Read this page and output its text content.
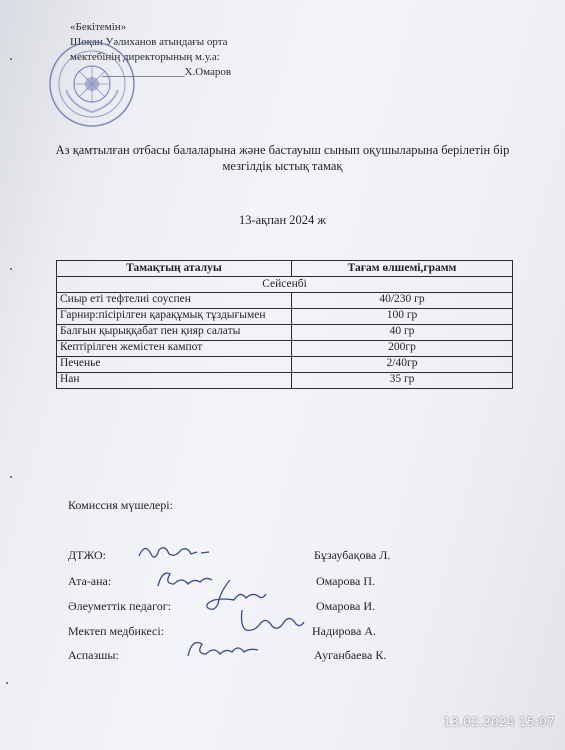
«Бекітемін»
Шоқан Уәлиханов атындағы орта
мектебінің директорының м.у.а:
_______________Х.Омаров
Аз қамтылған отбасы балаларына және бастауыш сынып оқушыларына берілетін бір мезгілдік ыстық тамақ
13-ақпан 2024 ж
Тамақтың аталуы	Тағам өлшемі,грамм
Сейсенбі	
Сиыр еті тефтелиі соуспен	40/230 гр
Гарнир:пісірілген қарақұмық тұздығымен	100 гр
Балғын қырыққабат пен қияр салаты	40 гр
Кептірілген жемістен кампот	200гр
Печенье	2/40гр
Нан	35 гр
Комиссия мүшелері:
ДТЖО:	Бұзаубақова Л.
Ата-ана:	Омарова П.
Әлеуметтік педагог:	Омарова И.
Мектеп медбикесі:	Надирова А.
Аспазшы:	Ауганбаева К.
13.02.2024 15:07
